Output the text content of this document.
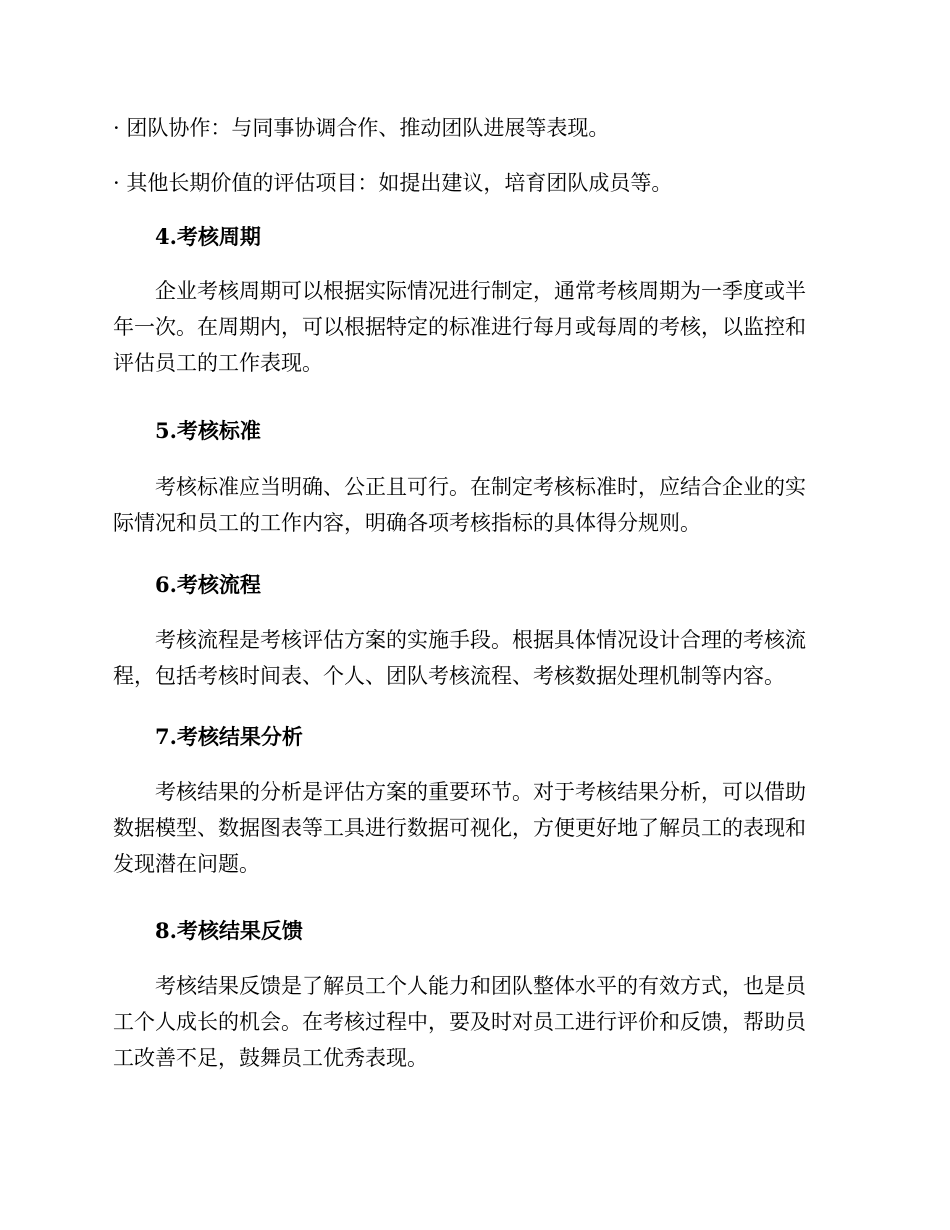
· 团队协作：与同事协调合作、推动团队进展等表现。

· 其他长期价值的评估项目：如提出建议，培育团队成员等。

4.考核周期

企业考核周期可以根据实际情况进行制定，通常考核周期为一季度或半
年一次。在周期内，可以根据特定的标准进行每月或每周的考核，以监控和
评估员工的工作表现。

5.考核标准

考核标准应当明确、公正且可行。在制定考核标准时，应结合企业的实
际情况和员工的工作内容，明确各项考核指标的具体得分规则。

6.考核流程

考核流程是考核评估方案的实施手段。根据具体情况设计合理的考核流
程，包括考核时间表、个人、团队考核流程、考核数据处理机制等内容。

7.考核结果分析

考核结果的分析是评估方案的重要环节。对于考核结果分析，可以借助
数据模型、数据图表等工具进行数据可视化，方便更好地了解员工的表现和
发现潜在问题。

8.考核结果反馈

考核结果反馈是了解员工个人能力和团队整体水平的有效方式，也是员
工个人成长的机会。在考核过程中，要及时对员工进行评价和反馈，帮助员
工改善不足，鼓舞员工优秀表现。
